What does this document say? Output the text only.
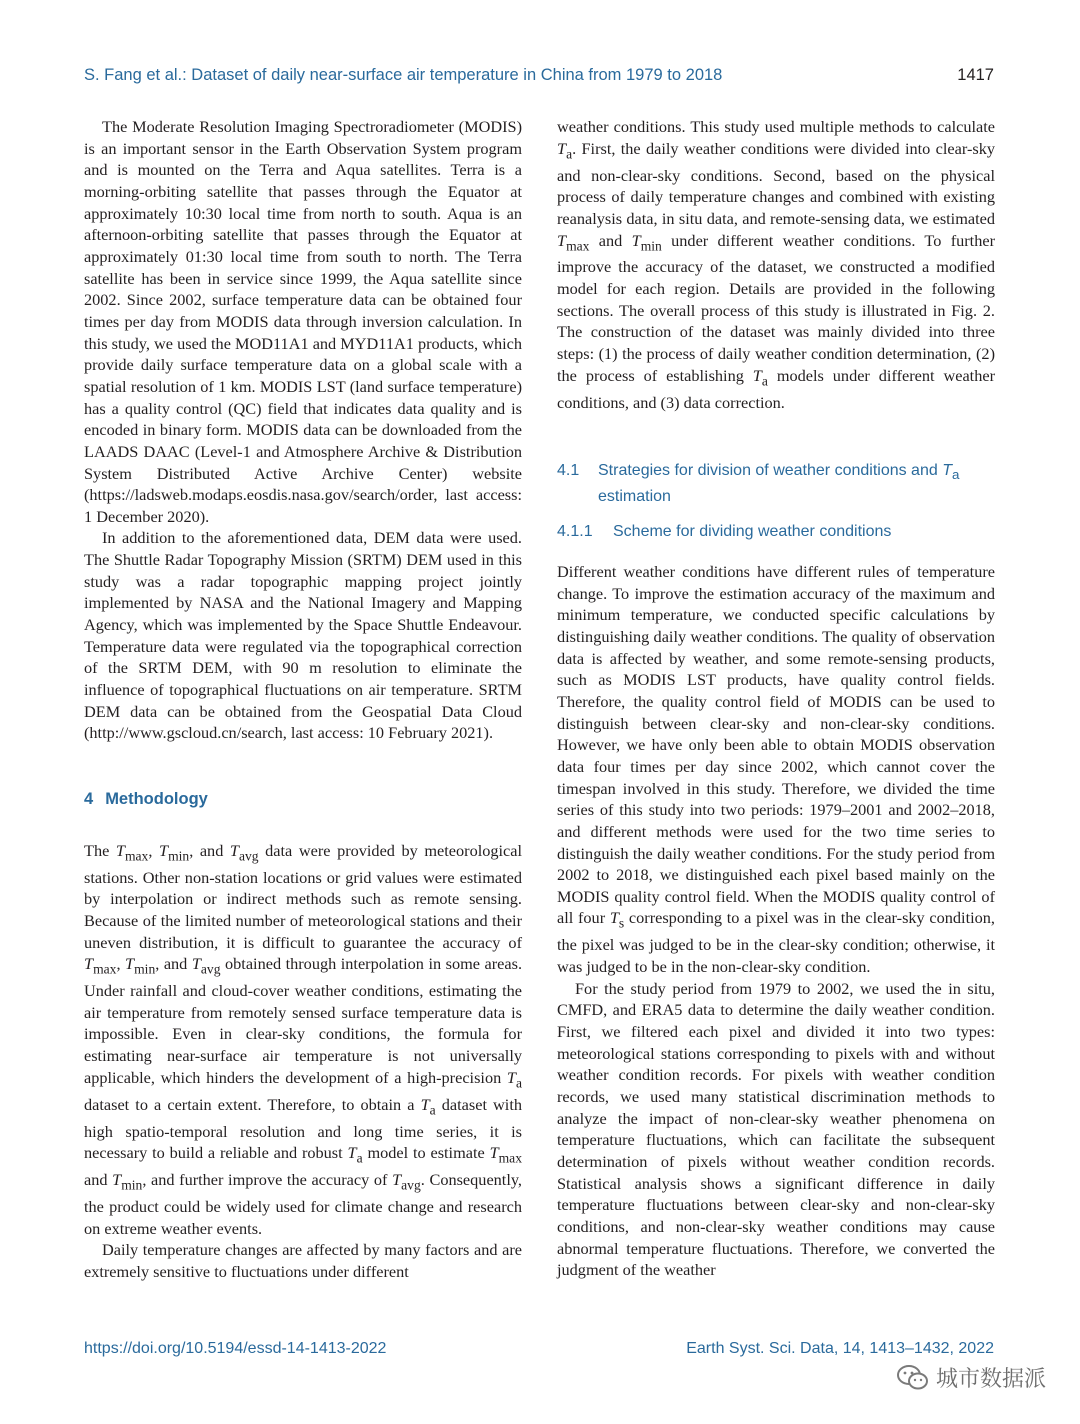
S. Fang et al.: Dataset of daily near-surface air temperature in China from 1979 to 2018	1417

The Moderate Resolution Imaging Spectroradiometer (MODIS) is an important sensor in the Earth Observation System program and is mounted on the Terra and Aqua satellites. Terra is a morning-orbiting satellite that passes through the Equator at approximately 10:30 local time from north to south. Aqua is an afternoon-orbiting satellite that passes through the Equator at approximately 01:30 local time from south to north. The Terra satellite has been in service since 1999, the Aqua satellite since 2002. Since 2002, surface temperature data can be obtained four times per day from MODIS data through inversion calculation. In this study, we used the MOD11A1 and MYD11A1 products, which provide daily surface temperature data on a global scale with a spatial resolution of 1 km. MODIS LST (land surface temperature) has a quality control (QC) field that indicates data quality and is encoded in binary form. MODIS data can be downloaded from the LAADS DAAC (Level-1 and Atmosphere Archive & Distribution System Distributed Active Archive Center) website (https://ladsweb.modaps.eosdis.nasa.gov/search/order, last access: 1 December 2020).

In addition to the aforementioned data, DEM data were used. The Shuttle Radar Topography Mission (SRTM) DEM used in this study was a radar topographic mapping project jointly implemented by NASA and the National Imagery and Mapping Agency, which was implemented by the Space Shuttle Endeavour. Temperature data were regulated via the topographical correction of the SRTM DEM, with 90 m resolution to eliminate the influence of topographical fluctuations on air temperature. SRTM DEM data can be obtained from the Geospatial Data Cloud (http://www.gscloud.cn/search, last access: 10 February 2021).

4 Methodology

The $T_{max}$, $T_{min}$, and $T_{avg}$ data were provided by meteorological stations. Other non-station locations or grid values were estimated by interpolation or indirect methods such as remote sensing. Because of the limited number of meteorological stations and their uneven distribution, it is difficult to guarantee the accuracy of $T_{max}$, $T_{min}$, and $T_{avg}$ obtained through interpolation in some areas. Under rainfall and cloud-cover weather conditions, estimating the air temperature from remotely sensed surface temperature data is impossible. Even in clear-sky conditions, the formula for estimating near-surface air temperature is not universally applicable, which hinders the development of a high-precision $T_a$ dataset to a certain extent. Therefore, to obtain a $T_a$ dataset with high spatio-temporal resolution and long time series, it is necessary to build a reliable and robust $T_a$ model to estimate $T_{max}$ and $T_{min}$, and further improve the accuracy of $T_{avg}$. Consequently, the product could be widely used for climate change and research on extreme weather events.

Daily temperature changes are affected by many factors and are extremely sensitive to fluctuations under different

weather conditions. This study used multiple methods to calculate $T_a$. First, the daily weather conditions were divided into clear-sky and non-clear-sky conditions. Second, based on the physical process of daily temperature changes and combined with existing reanalysis data, in situ data, and remote-sensing data, we estimated $T_{max}$ and $T_{min}$ under different weather conditions. To further improve the accuracy of the dataset, we constructed a modified model for each region. Details are provided in the following sections. The overall process of this study is illustrated in Fig. 2. The construction of the dataset was mainly divided into three steps: (1) the process of daily weather condition determination, (2) the process of establishing $T_a$ models under different weather conditions, and (3) data correction.

4.1	Strategies for division of weather conditions and $T_a$
estimation
4.1.1	Scheme for dividing weather conditions

Different weather conditions have different rules of temperature change. To improve the estimation accuracy of the maximum and minimum temperature, we conducted specific calculations by distinguishing daily weather conditions. The quality of observation data is affected by weather, and some remote-sensing products, such as MODIS LST products, have quality control fields. Therefore, the quality control field of MODIS can be used to distinguish between clear-sky and non-clear-sky conditions. However, we have only been able to obtain MODIS observation data four times per day since 2002, which cannot cover the timespan involved in this study. Therefore, we divided the time series of this study into two periods: 1979–2001 and 2002–2018, and different methods were used for the two time series to distinguish the daily weather conditions. For the study period from 2002 to 2018, we distinguished each pixel based mainly on the MODIS quality control field. When the MODIS quality control of all four $T_s$ corresponding to a pixel was in the clear-sky condition, the pixel was judged to be in the clear-sky condition; otherwise, it was judged to be in the non-clear-sky condition.

For the study period from 1979 to 2002, we used the in situ, CMFD, and ERA5 data to determine the daily weather condition. First, we filtered each pixel and divided it into two types: meteorological stations corresponding to pixels with and without weather condition records. For pixels with weather condition records, we used many statistical discrimination methods to analyze the impact of non-clear-sky weather phenomena on temperature fluctuations, which can facilitate the subsequent determination of pixels without weather condition records. Statistical analysis shows a significant difference in daily temperature fluctuations between clear-sky and non-clear-sky conditions, and non-clear-sky weather conditions may cause abnormal temperature fluctuations. Therefore, we converted the judgment of the weather

https://doi.org/10.5194/essd-14-1413-2022	Earth Syst. Sci. Data, 14, 1413–1432, 2022
城市数据派
